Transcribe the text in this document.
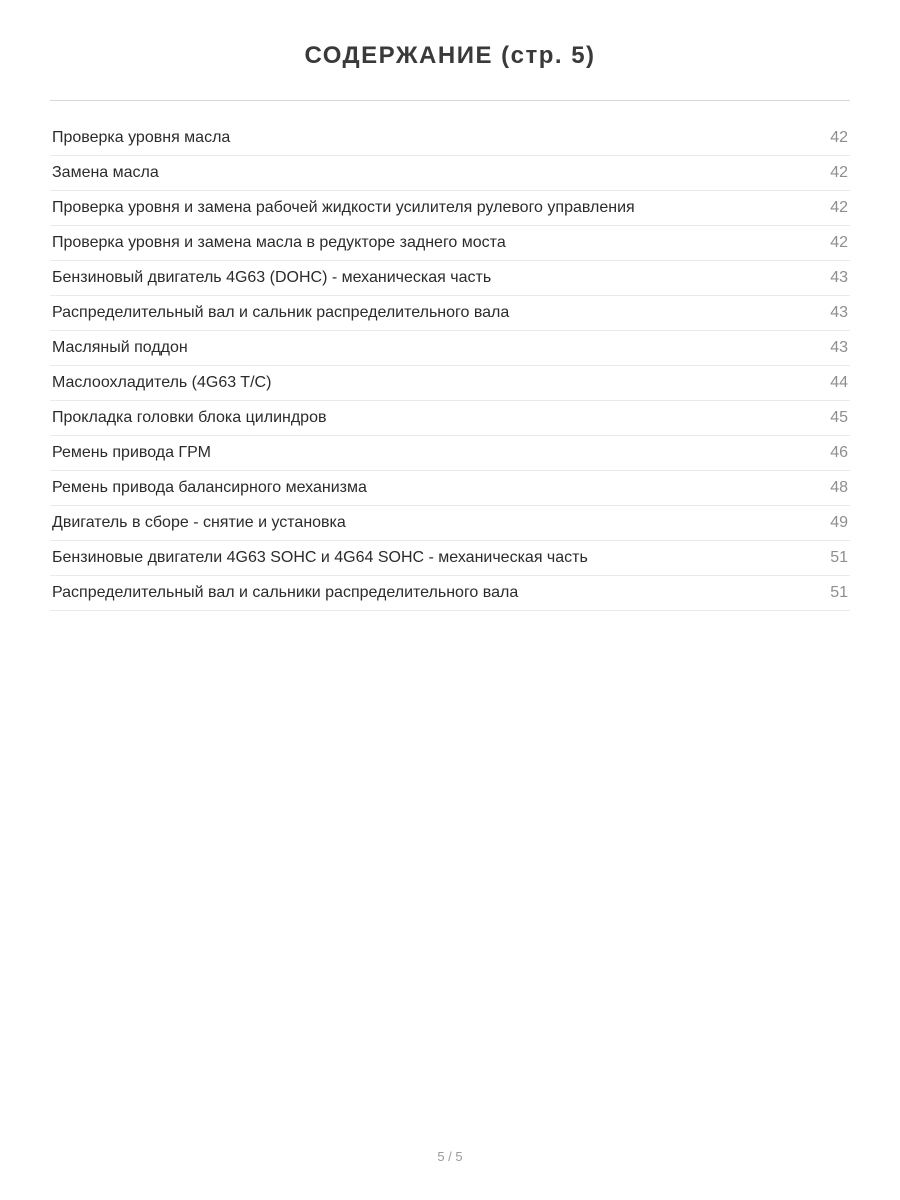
СОДЕРЖАНИЕ (стр. 5)
Проверка уровня масла	42
Замена масла	42
Проверка уровня и замена рабочей жидкости усилителя рулевого управления	42
Проверка уровня и замена масла в редукторе заднего моста	42
Бензиновый двигатель 4G63 (DOHC) - механическая часть	43
Распределительный вал и сальник распределительного вала	43
Масляный поддон	43
Маслоохладитель (4G63 T/C)	44
Прокладка головки блока цилиндров	45
Ремень привода ГРМ	46
Ремень привода балансирного механизма	48
Двигатель в сборе - снятие и установка	49
Бензиновые двигатели 4G63 SOHC и 4G64 SOHC - механическая часть	51
Распределительный вал и сальники распределительного вала	51
5 / 5
